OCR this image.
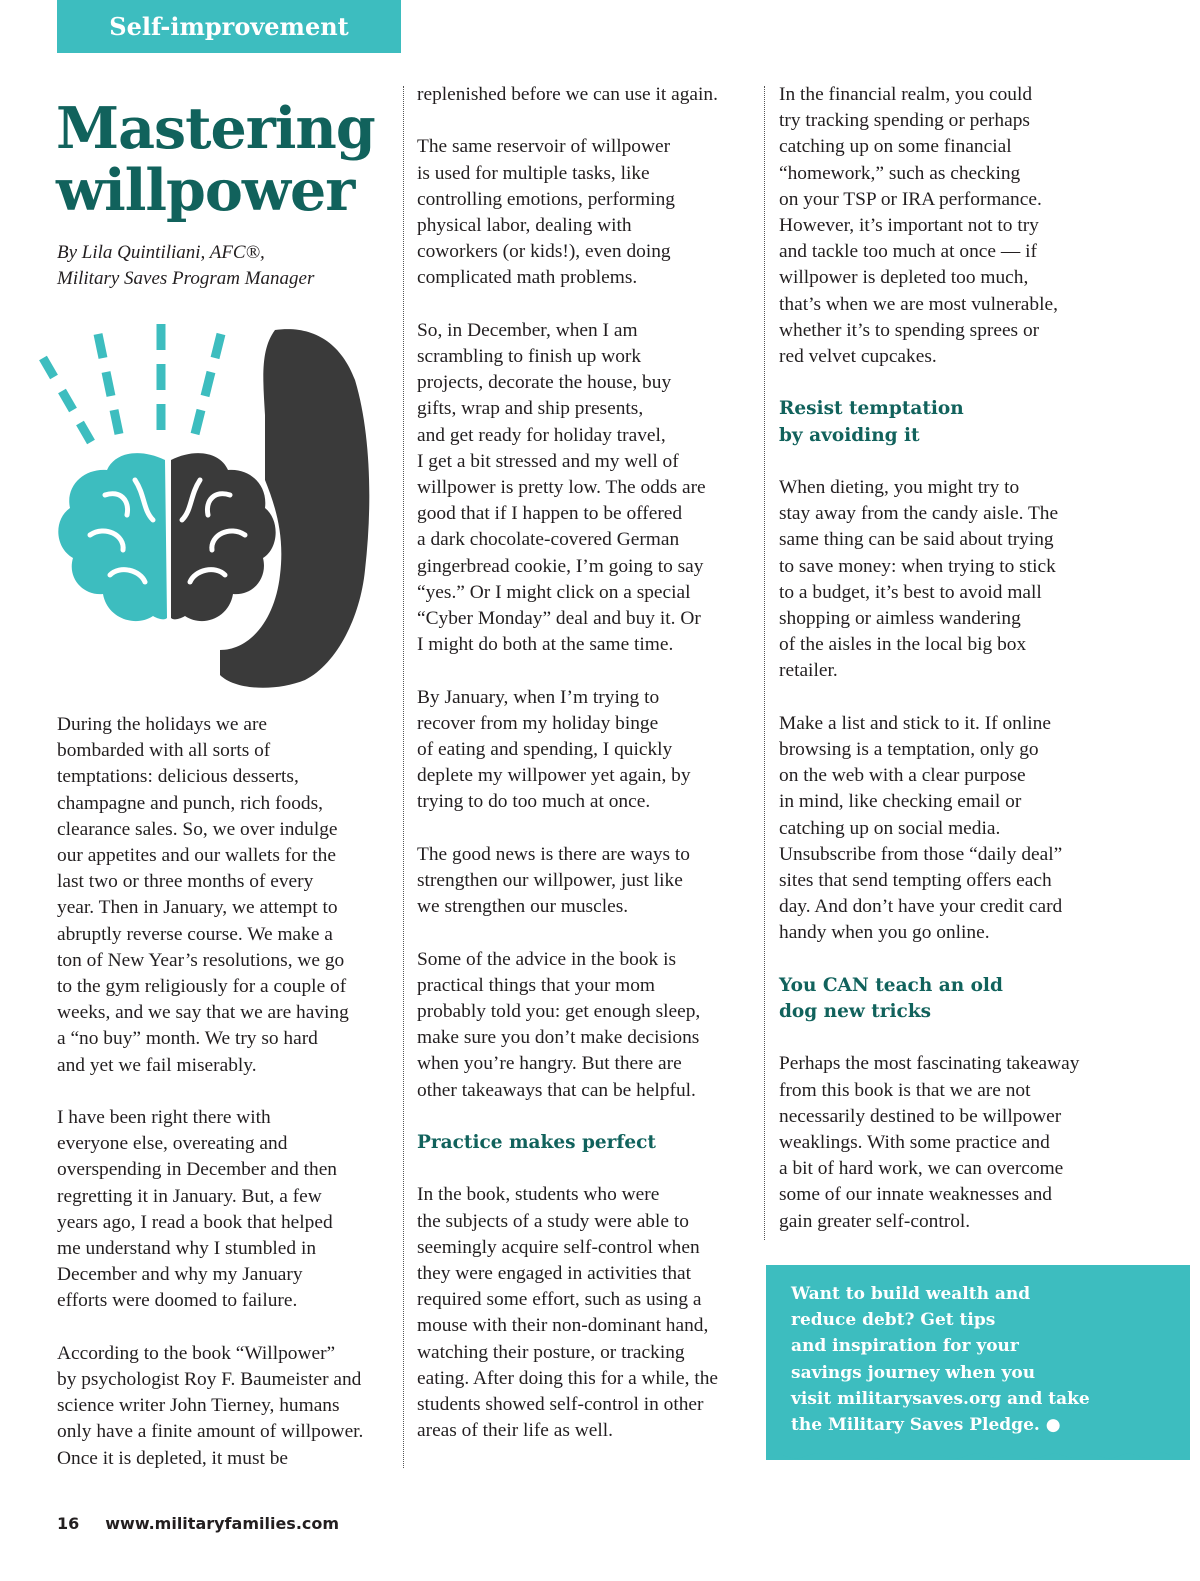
Self-improvement
Mastering
willpower
By Lila Quintiliani, AFC®,
Military Saves Program Manager

During the holidays we are
bombarded with all sorts of
temptations: delicious desserts,
champagne and punch, rich foods,
clearance sales. So, we over indulge
our appetites and our wallets for the
last two or three months of every
year. Then in January, we attempt to
abruptly reverse course. We make a
ton of New Year’s resolutions, we go
to the gym religiously for a couple of
weeks, and we say that we are having
a “no buy” month. We try so hard
and yet we fail miserably.

I have been right there with
everyone else, overeating and
overspending in December and then
regretting it in January. But, a few
years ago, I read a book that helped
me understand why I stumbled in
December and why my January
efforts were doomed to failure.

According to the book “Willpower”
by psychologist Roy F. Baumeister and
science writer John Tierney, humans
only have a finite amount of willpower.
Once it is depleted, it must be

replenished before we can use it again.

The same reservoir of willpower
is used for multiple tasks, like
controlling emotions, performing
physical labor, dealing with
coworkers (or kids!), even doing
complicated math problems.

So, in December, when I am
scrambling to finish up work
projects, decorate the house, buy
gifts, wrap and ship presents,
and get ready for holiday travel,
I get a bit stressed and my well of
willpower is pretty low. The odds are
good that if I happen to be offered
a dark chocolate-covered German
gingerbread cookie, I’m going to say
“yes.” Or I might click on a special
“Cyber Monday” deal and buy it. Or
I might do both at the same time.

By January, when I’m trying to
recover from my holiday binge
of eating and spending, I quickly
deplete my willpower yet again, by
trying to do too much at once.

The good news is there are ways to
strengthen our willpower, just like
we strengthen our muscles.

Some of the advice in the book is
practical things that your mom
probably told you: get enough sleep,
make sure you don’t make decisions
when you’re hangry. But there are
other takeaways that can be helpful.

Practice makes perfect

In the book, students who were
the subjects of a study were able to
seemingly acquire self-control when
they were engaged in activities that
required some effort, such as using a
mouse with their non-dominant hand,
watching their posture, or tracking
eating. After doing this for a while, the
students showed self-control in other
areas of their life as well.

In the financial realm, you could
try tracking spending or perhaps
catching up on some financial
“homework,” such as checking
on your TSP or IRA performance.
However, it’s important not to try
and tackle too much at once — if
willpower is depleted too much,
that’s when we are most vulnerable,
whether it’s to spending sprees or
red velvet cupcakes.

Resist temptation
by avoiding it

When dieting, you might try to
stay away from the candy aisle. The
same thing can be said about trying
to save money: when trying to stick
to a budget, it’s best to avoid mall
shopping or aimless wandering
of the aisles in the local big box
retailer.

Make a list and stick to it. If online
browsing is a temptation, only go
on the web with a clear purpose
in mind, like checking email or
catching up on social media.
Unsubscribe from those “daily deal”
sites that send tempting offers each
day. And don’t have your credit card
handy when you go online.

You CAN teach an old
dog new tricks

Perhaps the most fascinating takeaway
from this book is that we are not
necessarily destined to be willpower
weaklings. With some practice and
a bit of hard work, we can overcome
some of our innate weaknesses and
gain greater self-control.

Want to build wealth and
reduce debt? Get tips
and inspiration for your
savings journey when you
visit militarysaves.org and take
the Military Saves Pledge. ●
16 www.militaryfamilies.com
